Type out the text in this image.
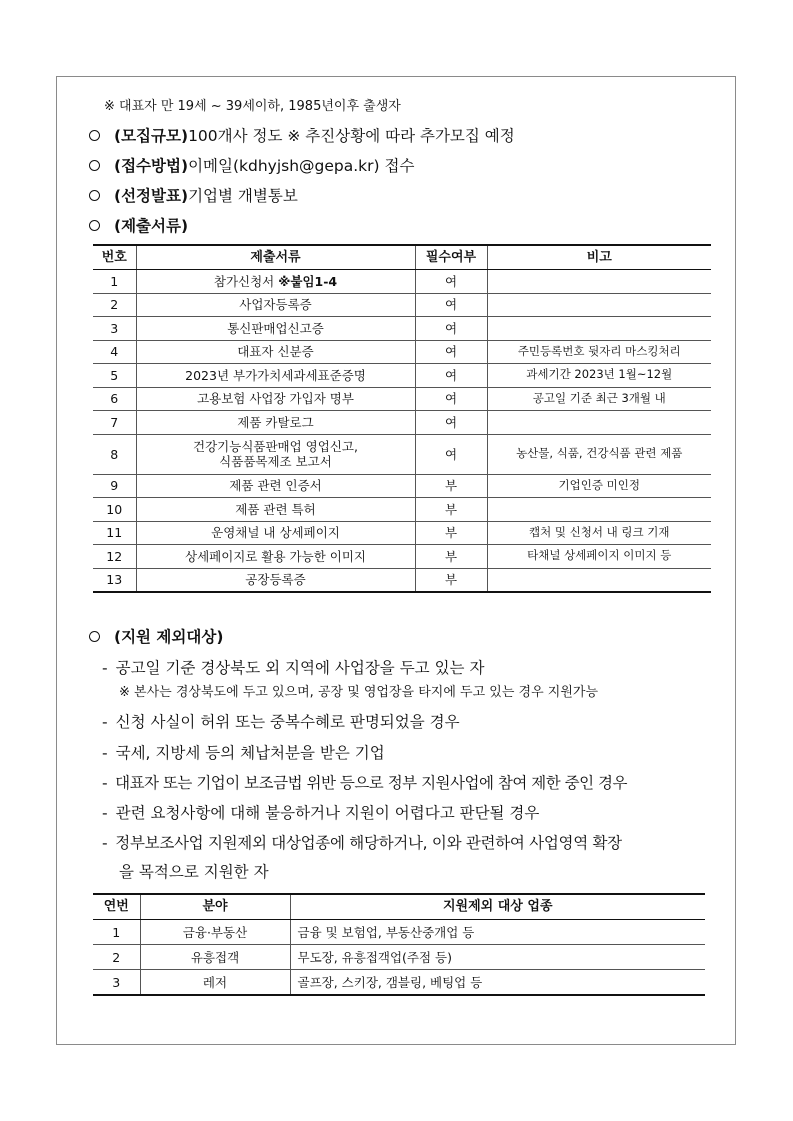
※ 대표자 만 19세 ~ 39세이하, 1985년이후 출생자
(모집규모) 100개사 정도 ※ 추진상황에 따라 추가모집 예정
(접수방법) 이메일(kdhyjsh@gepa.kr) 접수
(선정발표) 기업별 개별통보
(제출서류)
번호	제출서류	필수여부	비고
1	참가신청서 ※붙임1-4	여	
2	사업자등록증	여	
3	통신판매업신고증	여	
4	대표자 신분증	여	주민등록번호 뒷자리 마스킹처리
5	2023년 부가가치세과세표준증명	여	과세기간 2023년 1월~12월
6	고용보험 사업장 가입자 명부	여	공고일 기준 최근 3개월 내
7	제품 카탈로그	여	
8	건강기능식품판매업 영업신고,
식품품목제조 보고서	여	농산물, 식품, 건강식품 관련 제품
9	제품 관련 인증서	부	기업인증 미인정
10	제품 관련 특허	부	
11	운영채널 내 상세페이지	부	캡처 및 신청서 내 링크 기재
12	상세페이지로 활용 가능한 이미지	부	타채널 상세페이지 이미지 등
13	공장등록증	부	
(지원 제외대상)
- 공고일 기준 경상북도 외 지역에 사업장을 두고 있는 자
※ 본사는 경상북도에 두고 있으며, 공장 및 영업장을 타지에 두고 있는 경우 지원가능
- 신청 사실이 허위 또는 중복수혜로 판명되었을 경우
- 국세, 지방세 등의 체납처분을 받은 기업
- 대표자 또는 기업이 보조금법 위반 등으로 정부 지원사업에 참여 제한 중인 경우
- 관련 요청사항에 대해 불응하거나 지원이 어렵다고 판단될 경우
- 정부보조사업 지원제외 대상업종에 해당하거나, 이와 관련하여 사업영역 확장
을 목적으로 지원한 자
연번	분야	지원제외 대상 업종
1	금융·부동산	금융 및 보험업, 부동산중개업 등
2	유흥접객	무도장, 유흥접객업(주점 등)
3	레저	골프장, 스키장, 갬블링, 베팅업 등
